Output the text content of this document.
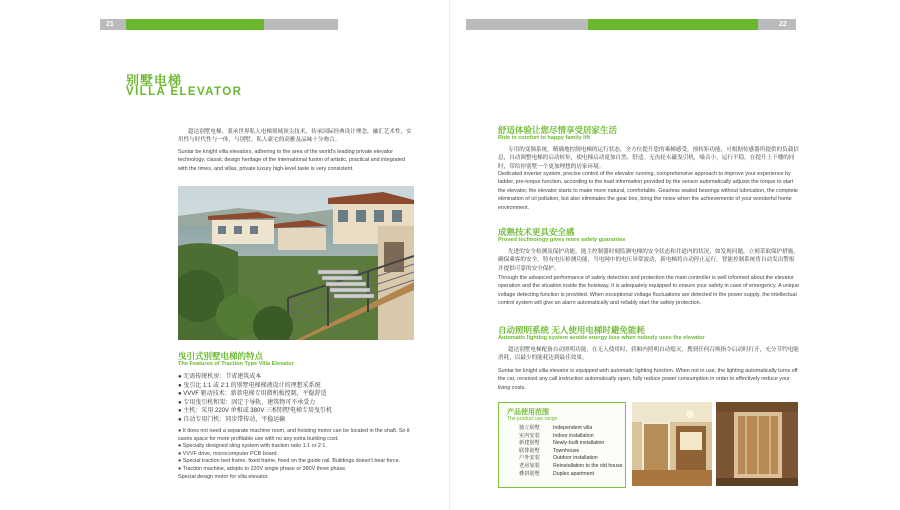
21
别墅电梯
VILLA ELEVATOR
超达别墅电梯，秉承世界私人电梯领域顶尖技术，传承国际经典设计理念，融汇艺术性，实用性与时代性与一体，与别墅、私人豪宅的高雅及品味十分吻合。
Suntar be knight villa elevators, adhering to the area of the world's leading private elevator technology, classic design heritage of the international fusion of artistic, practical and integrated with the times, and villas, private luxury high-level taste is very consistent.
曳引式别墅电梯的特点
The Features of Traction Type Villa Elevator
● 无需传统机房：节省建筑成本
● 曳引比 1:1 或 2:1 的别墅电梯梯液设计的理想采系统
● VVVF 驱动技术：新款电梯专用微机板控制，平稳舒适
● 专用曳引机和架：固定于导轨，建筑物可不承受力
● 主机：采用 220V 单相或 380V 三相别墅电梯专用曳引机
● 自动专用门机：同步带传动，平稳运输
● It does not need a separate machine room, and hoisting motor can be located in the shaft. So it saves space for more profitable use with no any extra building cost.
● Specially designed sling system with traction ratio 1:1 or 2:1.
● VVVF drive, microcomputer PCB board.
● Special traction bed frame, fixed frame, fixed on the guide rail. Buildings doesn't bear force.
● Traction machine, adopts to 220V single phase or 380V three phase.
Special design motor for villa elevator.
22
舒适体验让您尽情享受居家生活
Ride in comfort to happy family lift
专用的变频系统，精确地控制电梯的运行状态，全方位提升您的乘梯感受，预转矩功能，可根据传感器所提供的负载信息，自动调整电梯的启动转矩，使电梯启动更加自然、舒适。无齿轮永磁曳引机，噪音小，运行平稳，在提升上下楼的同时，带给你别墅一个更加理想的居家环境。
Dedicated inverter system, precise control of the elevator running, comprehensive approach to improve your experience by ladder, pre-torque function, according to the load information provided by the sensor automatically adjusts the torque to start the elevator, the elevator starts to make more natural, comfortable. Gearless sealed bearings without lubrication, the complete elimination of oil pollution, but also eliminates the gear box, bring the noise when the achievements of your wonderful home environment.
成熟技术更具安全感
Proved technology gives more safety guarantee
先进的安全检测及保护功能，能主控制器时刻监测电梯的安全状态和井道内的状况，如发现问题，立刻采取保护措施，确保乘客的安全。特有电压检测功能，当电网中的电压异常波动，新电梯将自动停止运行，智能控制系统将自动发出警报并提供可靠的安全保护。
Through the advanced performance of safety detection and protection the main controller is well informed about the elevator operation and the situation inside the hoistway. It is adequately equipped to ensure your safety in case of emergency. A unique voltage detecting function is provided. When exceptional voltage fluctuations are detected in the power supply, the intellectual control system will give an alarm automatically and reliably start the safety protection.
自动照明系统 无人使用电梯时避免能耗
Automatic lighting system avoids energy loss when nobody uses the elevator
超达别墅电梯配备自动照明功能，在无人使用时，轿厢内照明自动熄灭，搜到任何召唤指令启动时打开，充分节约电能消耗，以最少的能耗达到最佳效果。
Suntar be knight villa elevator is equipped with automatic lighting function. When not in use, the lighting automatically turns off the car, received any call instruction automatically open, fully reduce power consumption in order to effectively reduce your living costs.
产品使用范围
The product use range
独立别墅	Independent villa
室内安装	Indoor installation
新建别墅	Newly-built installation
联排别墅	Townhouse
户外安装	Outdoor installation
老房加装	Reinstallation to the old house
叠拼别墅	Duplex apartment
